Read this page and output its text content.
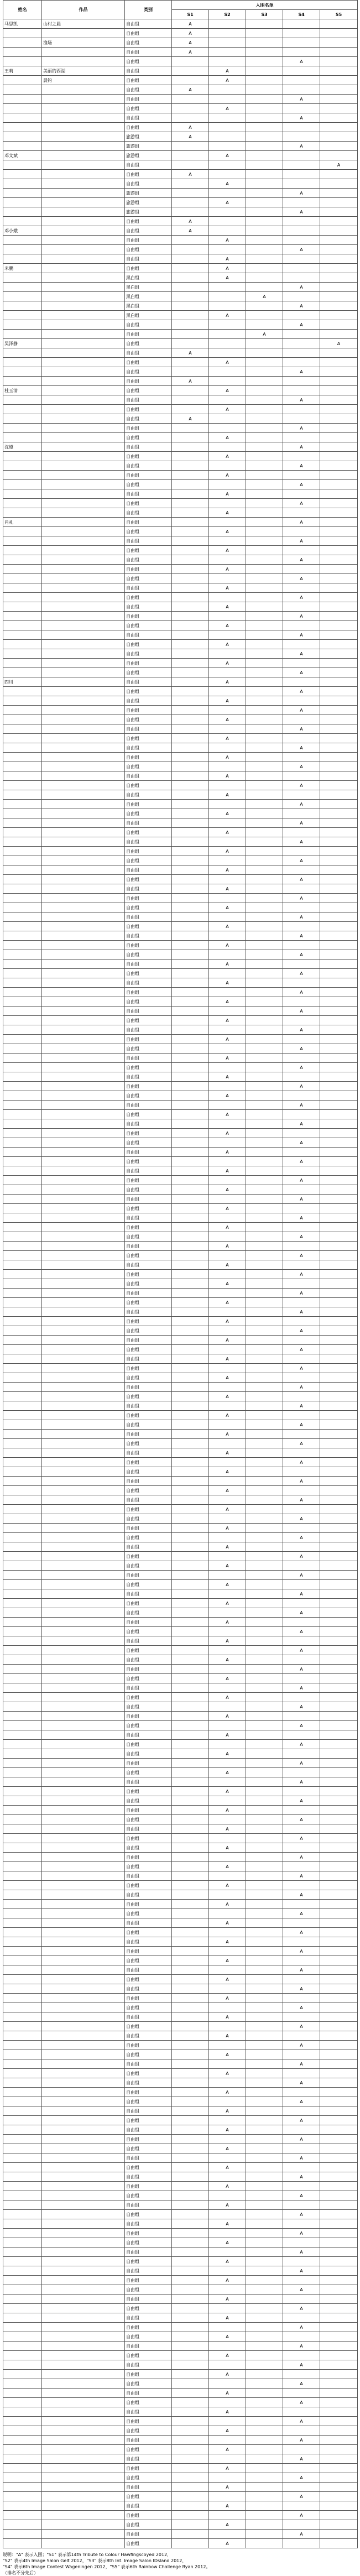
姓名	作品	类别	入围名单				
			S1	S2	S3	S4	S5
马思凯	山村之晨	自由组	A				
		自由组	A				
	渔场	自由组	A				
		自由组	A				
		自由组				A	
王莉	美丽的西湖	自由组		A			
	晨钓	自由组		A			
		自由组	A				
		自由组				A	
		自由组		A			
		自由组				A	
		自由组	A				
		旅游组	A				
		旅游组				A	
邓文斌		旅游组		A			
		自由组					A
		自由组	A				
		自由组		A			
		旅游组				A	
		旅游组		A			
		旅游组				A	
		自由组	A				
邓小娥		自由组	A				
		自由组		A			
		自由组				A	
		自由组		A			
米鹏		自由组		A			
		黑白组		A			
		黑白组				A	
		黑白组			A		
		黑白组				A	
		黑白组		A			
		自由组				A	
		自由组			A		
吴泽静		自由组					A
		自由组	A				
		自由组		A			
		自由组				A	
		自由组	A				
杜玉清		自由组		A			
		自由组				A	
		自由组		A			
		自由组	A				
		自由组				A	
		自由组		A			
沈遵		自由组				A	
		自由组		A			
		自由组				A	
		自由组		A			
		自由组				A	
		自由组		A			
		自由组				A	
		自由组		A			
肖礼		自由组				A	
		自由组		A			
		自由组				A	
		自由组		A			
		自由组				A	
		自由组		A			
		自由组				A	
		自由组		A			
		自由组				A	
		自由组		A			
		自由组				A	
		自由组		A			
		自由组				A	
		自由组		A			
		自由组				A	
		自由组		A			
		自由组				A	
四川		自由组		A			
		自由组				A	
		自由组		A			
		自由组				A	
		自由组		A			
		自由组				A	
		自由组		A			
		自由组				A	
		自由组		A			
		自由组				A	
		自由组		A			
		自由组				A	
		自由组		A			
		自由组				A	
		自由组		A			
		自由组				A	
		自由组		A			
		自由组				A	
		自由组		A			
		自由组				A	
		自由组		A			
		自由组				A	
		自由组		A			
		自由组				A	
		自由组		A			
		自由组				A	
		自由组		A			
		自由组				A	
		自由组		A			
		自由组				A	
		自由组		A			
		自由组				A	
		自由组		A			
		自由组				A	
		自由组		A			
		自由组				A	
		自由组		A			
		自由组				A	
		自由组		A			
		自由组				A	
		自由组		A			
		自由组				A	
		自由组		A			
		自由组				A	
		自由组		A			
		自由组				A	
		自由组		A			
		自由组				A	
		自由组		A			
		自由组				A	
		自由组		A			
		自由组				A	
		自由组		A			
		自由组				A	
		自由组		A			
		自由组				A	
		自由组		A			
		自由组				A	
		自由组		A			
		自由组				A	
		自由组		A			
		自由组				A	
		自由组		A			
		自由组				A	
		自由组		A			
		自由组				A	
		自由组		A			
		自由组				A	
		自由组		A			
		自由组				A	
		自由组		A			
		自由组				A	
		自由组		A			
		自由组				A	
		自由组		A			
		自由组				A	
		自由组		A			
		自由组				A	
		自由组		A			
		自由组				A	
		自由组		A			
		自由组				A	
		自由组		A			
		自由组				A	
		自由组		A			
		自由组				A	
		自由组		A			
		自由组				A	
		自由组		A			
		自由组				A	
		自由组		A			
		自由组				A	
		自由组		A			
		自由组				A	
		自由组		A			
		自由组				A	
		自由组		A			
		自由组				A	
		自由组		A			
		自由组				A	
		自由组		A			
		自由组				A	
		自由组		A			
		自由组				A	
		自由组		A			
		自由组				A	
		自由组		A			
		自由组				A	
		自由组		A			
		自由组				A	
		自由组		A			
		自由组				A	
		自由组		A			
		自由组				A	
		自由组		A			
		自由组				A	
		自由组		A			
		自由组				A	
		自由组		A			
		自由组				A	
		自由组		A			
		自由组				A	
		自由组		A			
		自由组				A	
		自由组		A			
		自由组				A	
		自由组		A			
		自由组				A	
		自由组		A			
		自由组				A	
		自由组		A			
		自由组				A	
		自由组		A			
		自由组				A	
		自由组		A			
		自由组				A	
		自由组		A			
		自由组				A	
		自由组		A			
		自由组				A	
		自由组		A			
		自由组				A	
		自由组		A			
		自由组				A	
		自由组		A			
		自由组				A	
		自由组		A			
		自由组				A	
		自由组		A			
		自由组				A	
		自由组		A			
		自由组				A	
		自由组		A			
		自由组				A	
		自由组		A			
		自由组				A	
		自由组		A			
		自由组				A	
		自由组		A			
		自由组				A	
		自由组		A			
		自由组				A	
		自由组		A			
		自由组				A	
		自由组		A			
		自由组				A	
		自由组		A			
		自由组				A	
		自由组		A			
		自由组				A	
		自由组		A			
		自由组				A	
		自由组		A			
		自由组				A	
		自由组		A			
		自由组				A	
		自由组		A			
		自由组				A	
		自由组		A			
		自由组				A	
		自由组		A			
		自由组				A	
		自由组		A			
		自由组				A	
		自由组		A			
		自由组				A	
		自由组		A			
		自由组				A	
		自由组		A			
		自由组				A	
		自由组		A			
		自由组				A	
		自由组		A			
		自由组				A	
		自由组		A			
		自由组				A	
		自由组		A			
		自由组				A	
		自由组		A			
说明："A" 表示入围；"S1" 表示第14th Tribute to Colour Hawfingscoyed 2012，
"S2" 表示4th Image Salon Gelt 2012，"S3" 表示8th Int. Image Salon IDsland 2012，
"S4" 表示6th Image Contest Wageningen 2012，"S5" 表示6th Rainbow Challenge Ryan 2012。
（排名不分先后）
